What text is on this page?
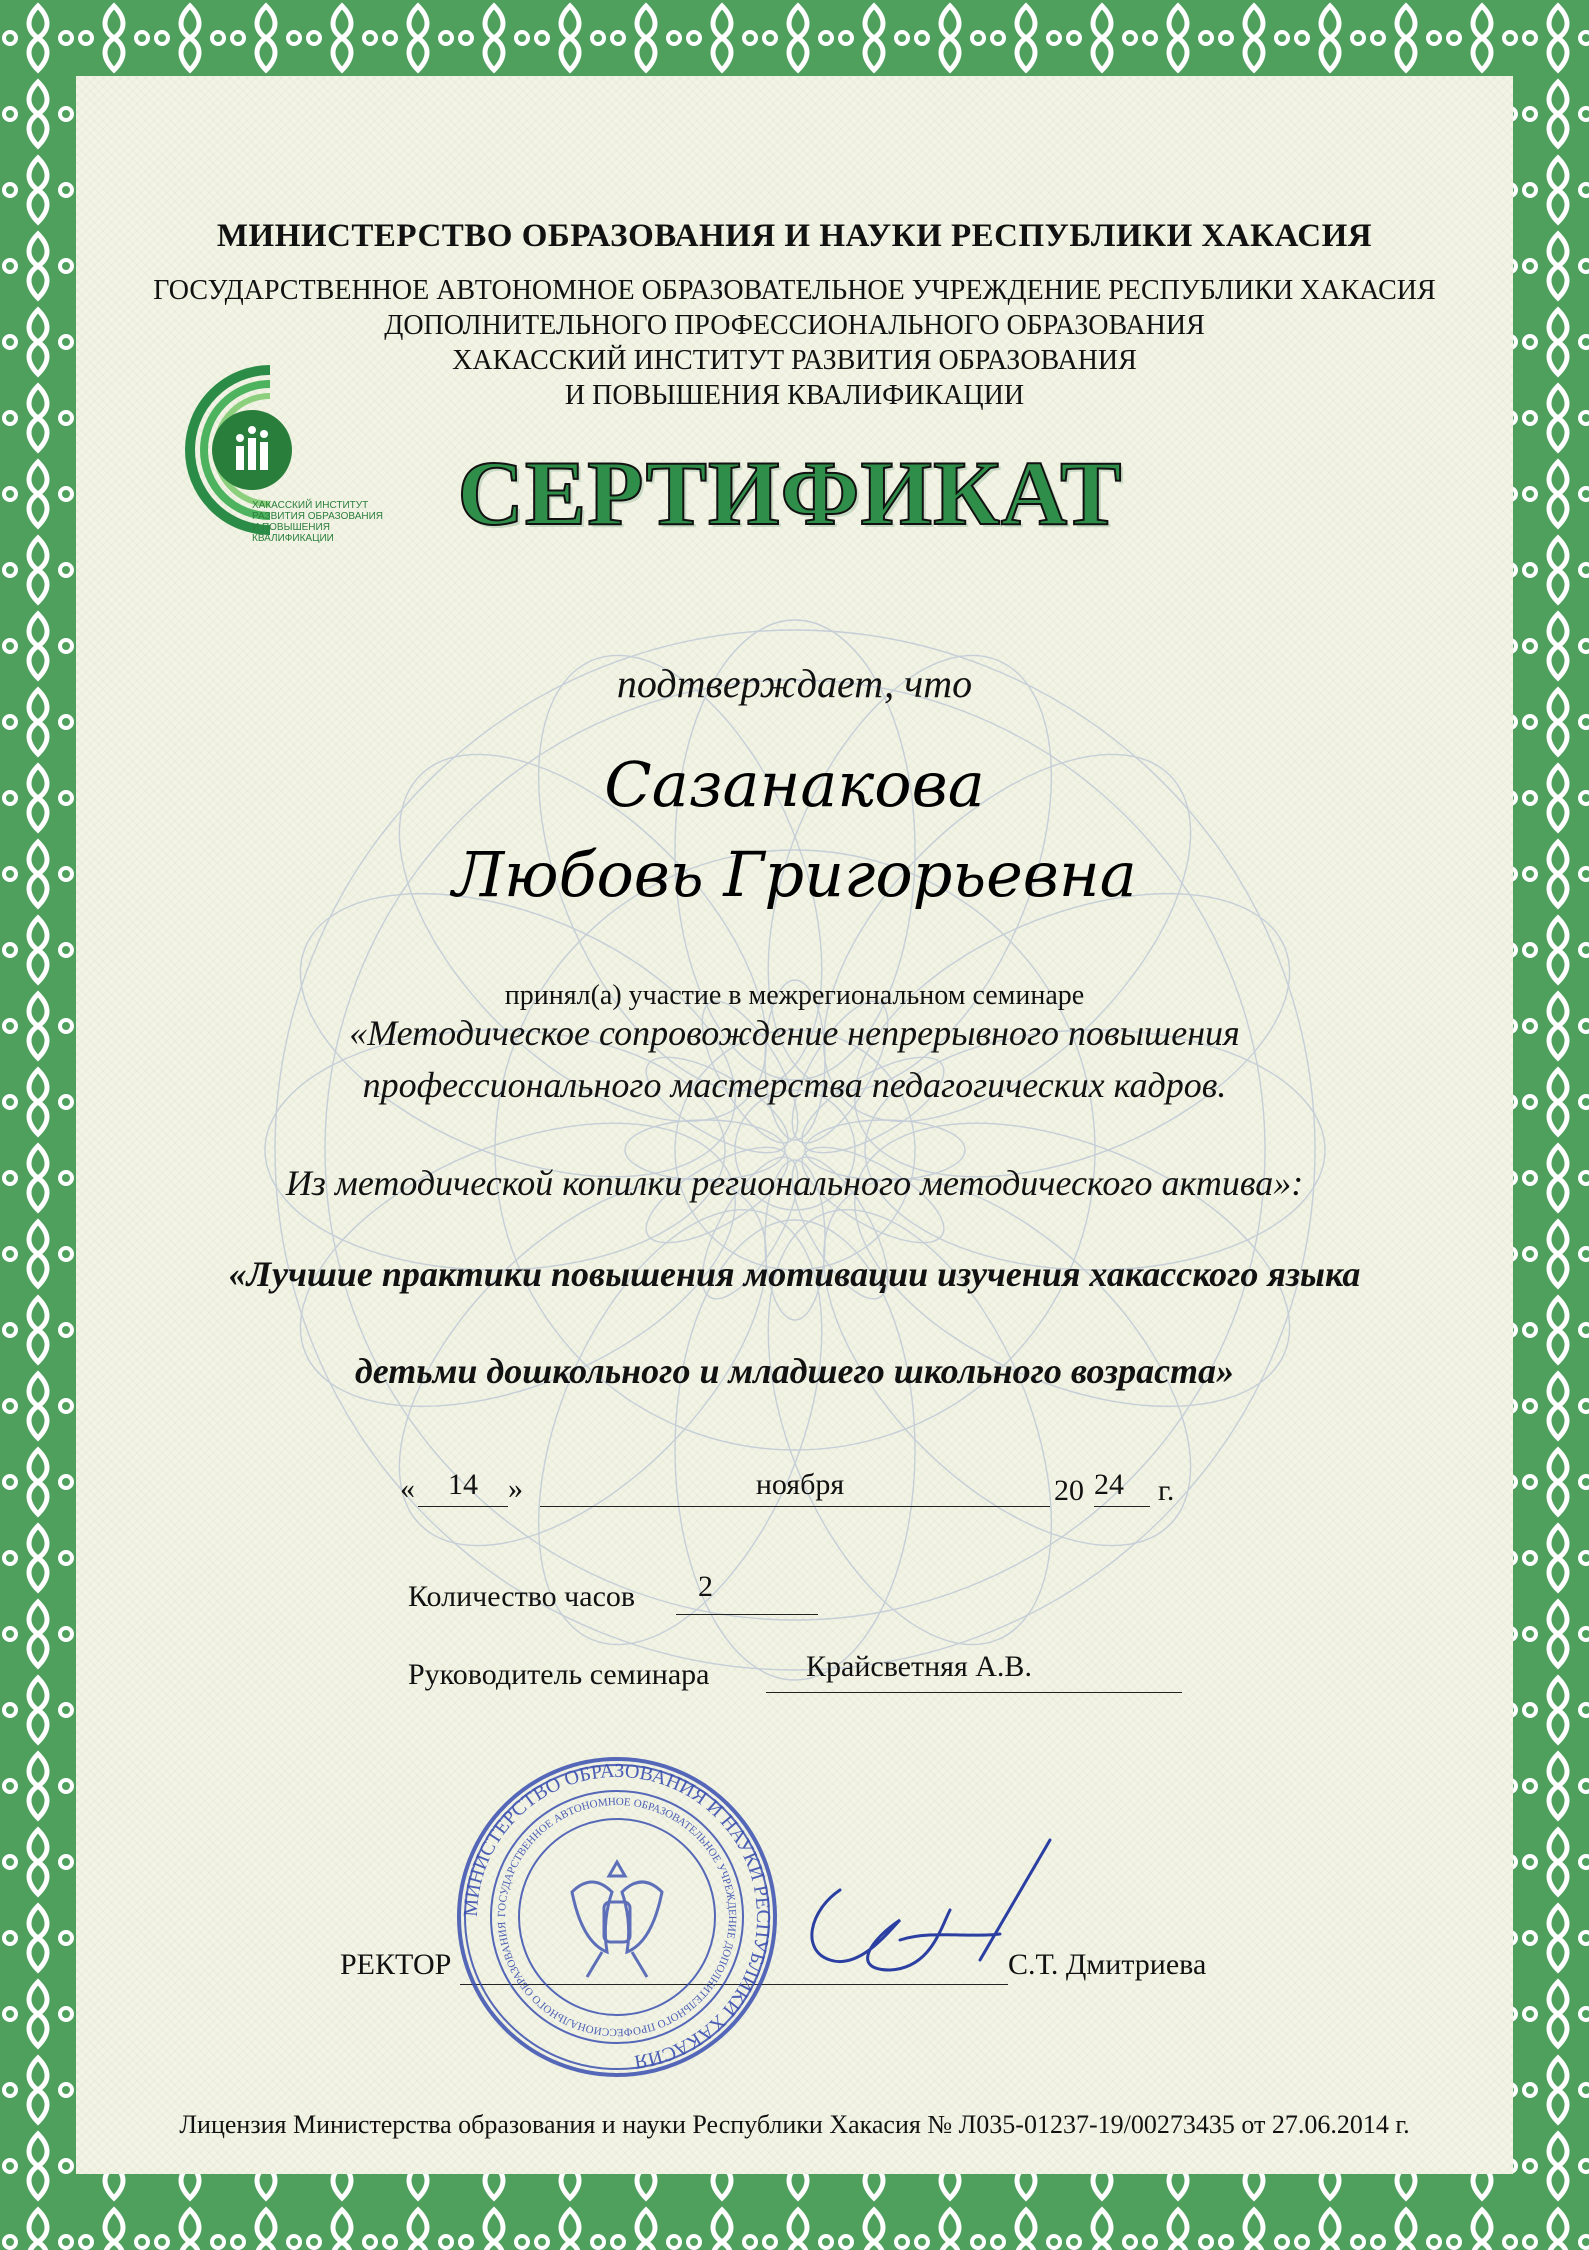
МИНИСТЕРСТВО ОБРАЗОВАНИЯ И НАУКИ РЕСПУБЛИКИ ХАКАСИЯ
ГОСУДАРСТВЕННОЕ АВТОНОМНОЕ ОБРАЗОВАТЕЛЬНОЕ УЧРЕЖДЕНИЕ РЕСПУБЛИКИ ХАКАСИЯ
ДОПОЛНИТЕЛЬНОГО ПРОФЕССИОНАЛЬНОГО ОБРАЗОВАНИЯ
ХАКАССКИЙ ИНСТИТУТ РАЗВИТИЯ ОБРАЗОВАНИЯ
И ПОВЫШЕНИЯ КВАЛИФИКАЦИИ
ХАКАССКИЙ ИНСТИТУТ
РАЗВИТИЯ ОБРАЗОВАНИЯ
И ПОВЫШЕНИЯ КВАЛИФИКАЦИИ	СЕРТИФИКАТ
подтверждает, что
Сазанакова
Любовь Григорьевна
принял(а) участие в межрегиональном семинаре
«Методическое сопровождение непрерывного повышения
профессионального мастерства педагогических кадров.
Из методической копилки регионального методического актива»:
«Лучшие практики повышения мотивации изучения хакасского языка
детьми дошкольного и младшего школьного возраста»
«	14	»	ноября	20 24 г.
Количество часов 2
Руководитель семинара	Крайсветняя А.В.
РЕКТОР	С.Т. Дмитриева
МИНИСТЕРСТВО ОБРАЗОВАНИЯ И НАУКИ РЕСПУБЛИКИ ХАКАСИЯ
ГОСУДАРСТВЕННОЕ АВТОНОМНОЕ ОБРАЗОВАТЕЛЬНОЕ УЧРЕЖДЕНИЕ ДОПОЛНИТЕЛЬНОГО ПРОФЕССИОНАЛЬНОГО ОБРАЗОВАНИЯ
Лицензия Министерства образования и науки Республики Хакасия № Л035-01237-19/00273435 от 27.06.2014 г.
